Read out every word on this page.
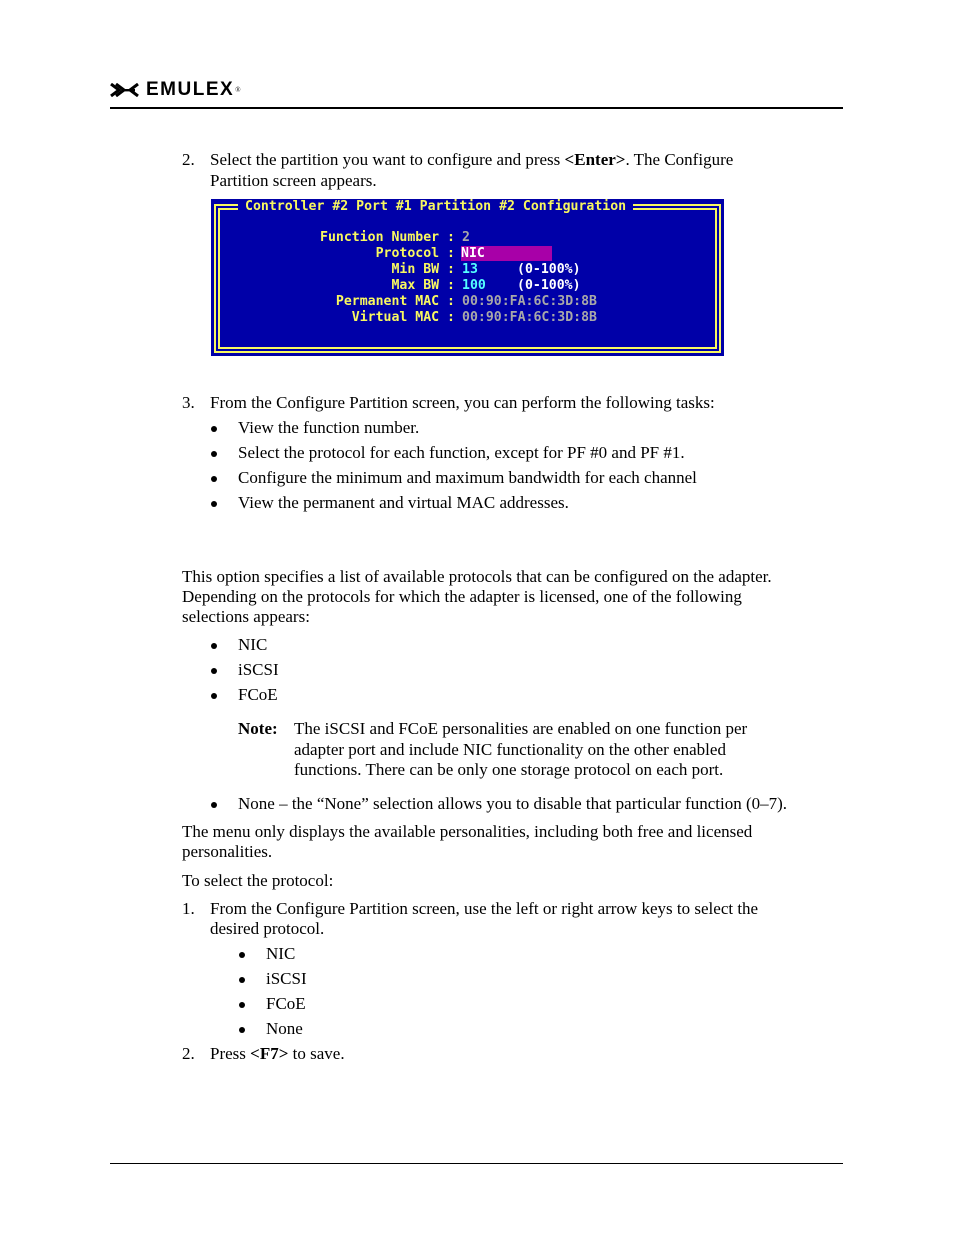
EMULEX ®
2. Select the partition you want to configure and press <Enter>. The Configure
Partition screen appears.
Controller #2 Port #1 Partition #2 Configuration
Function Number : 2
Protocol : NIC
Min BW : 13	(0-100%)
Max BW : 100 (0-100%)
Permanent MAC : 00:90:FA:6C:3D:8B
Virtual MAC : 00:90:FA:6C:3D:8B
3. From the Configure Partition screen, you can perform the following tasks:
View the function number.
Select the protocol for each function, except for PF #0 and PF #1.
Configure the minimum and maximum bandwidth for each channel
View the permanent and virtual MAC addresses.
This option specifies a list of available protocols that can be configured on the adapter.
Depending on the protocols for which the adapter is licensed, one of the following
selections appears:
NIC
iSCSI
FCoE
Note: The iSCSI and FCoE personalities are enabled on one function per
adapter port and include NIC functionality on the other enabled
functions. There can be only one storage protocol on each port.
None – the “None” selection allows you to disable that particular function (0–7).
The menu only displays the available personalities, including both free and licensed
personalities.
To select the protocol:
1. From the Configure Partition screen, use the left or right arrow keys to select the
desired protocol.
NIC
iSCSI
FCoE
None
2. Press <F7> to save.
